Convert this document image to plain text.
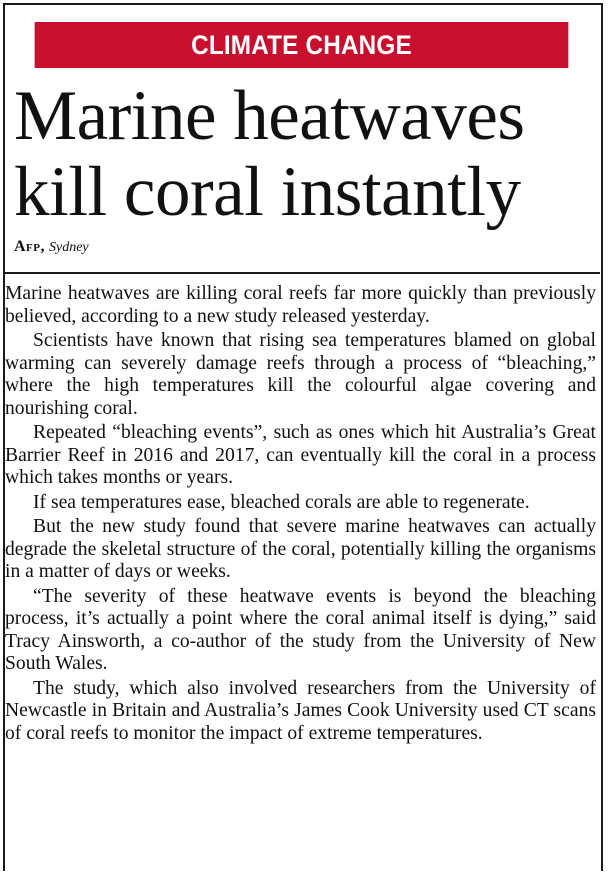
CLIMATE CHANGE
Marine heatwaves
kill coral instantly
Afp, Sydney

Marine heatwaves are killing coral reefs far more quickly than previously believed, according to a new study released yesterday.

Scientists have known that rising sea temperatures blamed on global warming can severely damage reefs through a process of “bleaching,” where the high temperatures kill the colourful algae covering and nourishing coral.

Repeated “bleaching events”, such as ones which hit Australia’s Great Barrier Reef in 2016 and 2017, can eventually kill the coral in a process which takes months or years.

If sea temperatures ease, bleached corals are able to regenerate.

But the new study found that severe marine heatwaves can actually degrade the skeletal structure of the coral, potentially killing the organisms in a matter of days or weeks.

“The severity of these heatwave events is beyond the bleaching process, it’s actually a point where the coral animal itself is dying,” said Tracy Ainsworth, a co-author of the study from the University of New South Wales.

The study, which also involved researchers from the University of Newcastle in Britain and Australia’s James Cook University used CT scans of coral reefs to monitor the impact of extreme temperatures.
